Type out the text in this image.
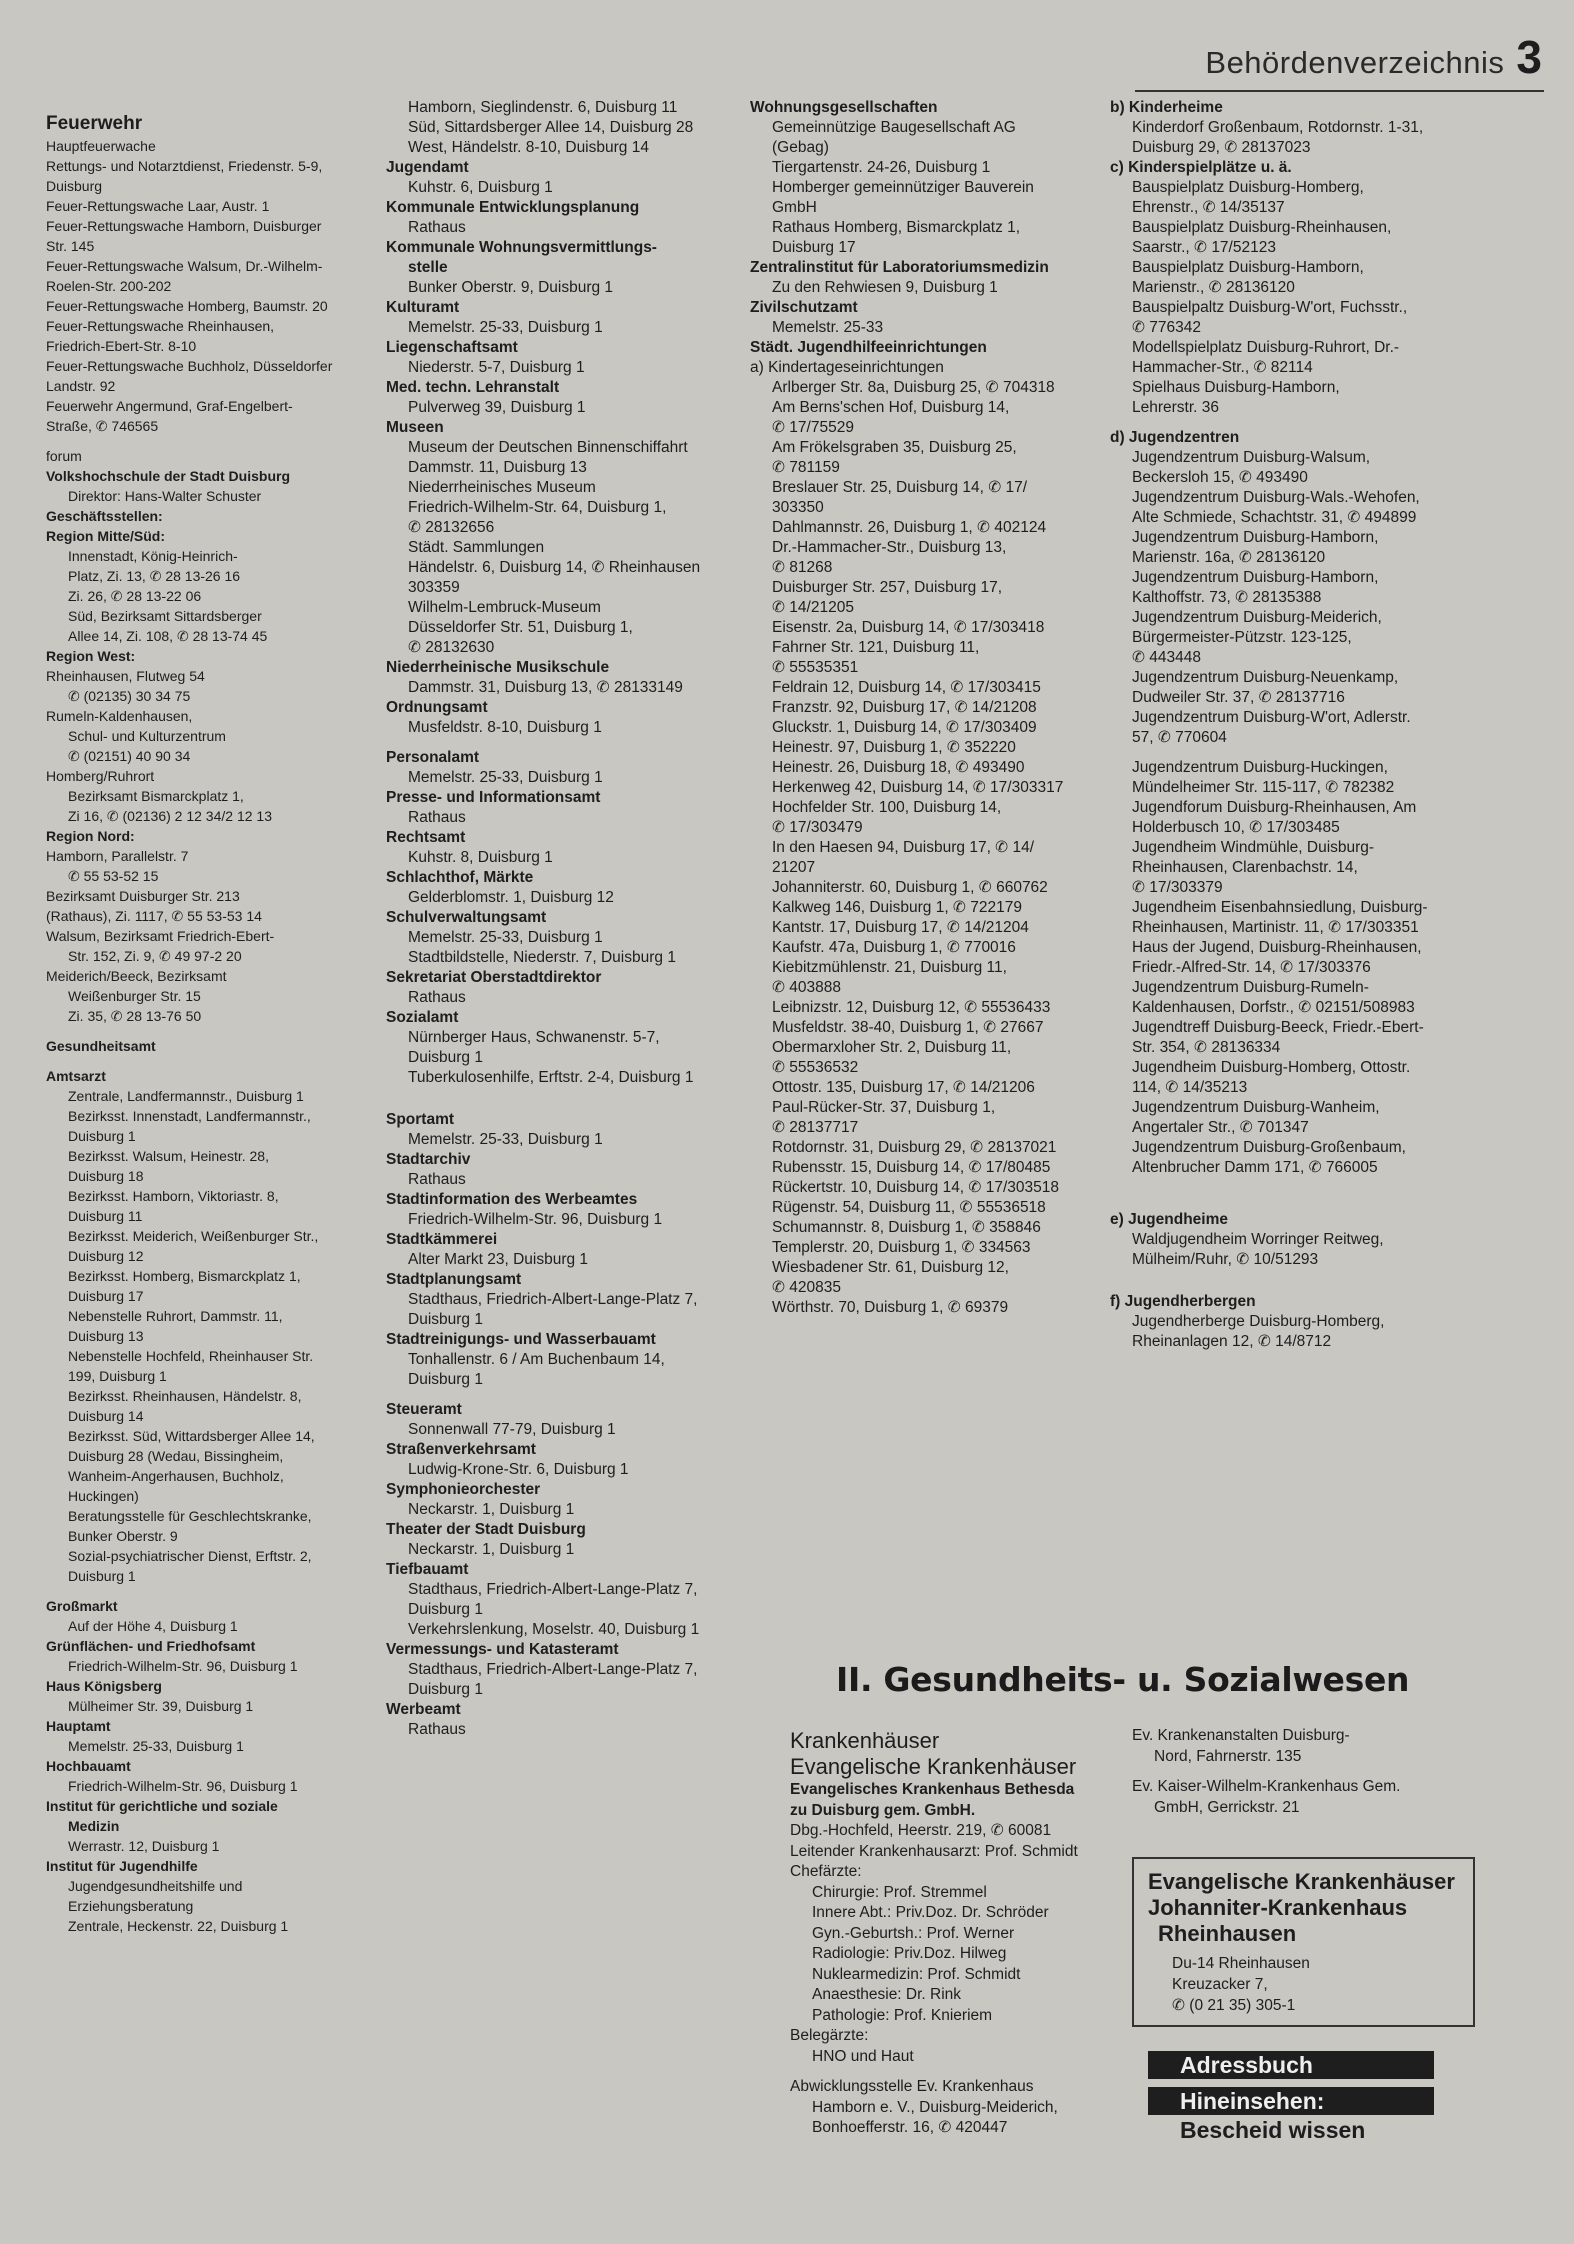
Behördenverzeichnis 3
Feuerwehr
Hauptfeuerwache
Rettungs- und Notarztdienst, Friedenstr. 5-9,
Duisburg
Feuer-Rettungswache Laar, Austr. 1
Feuer-Rettungswache Hamborn, Duisburger
Str. 145
Feuer-Rettungswache Walsum, Dr.-Wilhelm-
Roelen-Str. 200-202
Feuer-Rettungswache Homberg, Baumstr. 20
Feuer-Rettungswache Rheinhausen,
Friedrich-Ebert-Str. 8-10
Feuer-Rettungswache Buchholz, Düsseldorfer
Landstr. 92
Feuerwehr Angermund, Graf-Engelbert-
Straße, ✆ 746565
forum
Volkshochschule der Stadt Duisburg
Direktor: Hans-Walter Schuster
Geschäftsstellen:
Region Mitte/Süd:
Innenstadt, König-Heinrich-
Platz, Zi. 13, ✆ 28 13-26 16
Zi. 26, ✆ 28 13-22 06
Süd, Bezirksamt Sittardsberger
Allee 14, Zi. 108, ✆ 28 13-74 45
Region West:
Rheinhausen, Flutweg 54
✆ (02135) 30 34 75
Rumeln-Kaldenhausen,
Schul- und Kulturzentrum
✆ (02151) 40 90 34
Homberg/Ruhrort
Bezirksamt Bismarckplatz 1,
Zi 16, ✆ (02136) 2 12 34/2 12 13
Region Nord:
Hamborn, Parallelstr. 7
✆ 55 53-52 15
Bezirksamt Duisburger Str. 213
(Rathaus), Zi. 1117, ✆ 55 53-53 14
Walsum, Bezirksamt Friedrich-Ebert-
Str. 152, Zi. 9, ✆ 49 97-2 20
Meiderich/Beeck, Bezirksamt
Weißenburger Str. 15
Zi. 35, ✆ 28 13-76 50
Gesundheitsamt
Amtsarzt
Zentrale, Landfermannstr., Duisburg 1
Bezirksst. Innenstadt, Landfermannstr.,
Duisburg 1
Bezirksst. Walsum, Heinestr. 28,
Duisburg 18
Bezirksst. Hamborn, Viktoriastr. 8,
Duisburg 11
Bezirksst. Meiderich, Weißenburger Str.,
Duisburg 12
Bezirksst. Homberg, Bismarckplatz 1,
Duisburg 17
Nebenstelle Ruhrort, Dammstr. 11,
Duisburg 13
Nebenstelle Hochfeld, Rheinhauser Str.
199, Duisburg 1
Bezirksst. Rheinhausen, Händelstr. 8,
Duisburg 14
Bezirksst. Süd, Wittardsberger Allee 14,
Duisburg 28 (Wedau, Bissingheim,
Wanheim-Angerhausen, Buchholz,
Huckingen)
Beratungsstelle für Geschlechtskranke,
Bunker Oberstr. 9
Sozial-psychiatrischer Dienst, Erftstr. 2,
Duisburg 1
Großmarkt
Auf der Höhe 4, Duisburg 1
Grünflächen- und Friedhofsamt
Friedrich-Wilhelm-Str. 96, Duisburg 1
Haus Königsberg
Mülheimer Str. 39, Duisburg 1
Hauptamt
Memelstr. 25-33, Duisburg 1
Hochbauamt
Friedrich-Wilhelm-Str. 96, Duisburg 1
Institut für gerichtliche und soziale
Medizin
Werrastr. 12, Duisburg 1
Institut für Jugendhilfe
Jugendgesundheitshilfe und
Erziehungsberatung
Zentrale, Heckenstr. 22, Duisburg 1
Hamborn, Sieglindenstr. 6, Duisburg 11
Süd, Sittardsberger Allee 14, Duisburg 28
West, Händelstr. 8-10, Duisburg 14
Jugendamt
Kuhstr. 6, Duisburg 1
Kommunale Entwicklungsplanung
Rathaus
Kommunale Wohnungsvermittlungs-
stelle
Bunker Oberstr. 9, Duisburg 1
Kulturamt
Memelstr. 25-33, Duisburg 1
Liegenschaftsamt
Niederstr. 5-7, Duisburg 1
Med. techn. Lehranstalt
Pulverweg 39, Duisburg 1
Museen
Museum der Deutschen Binnenschiffahrt
Dammstr. 11, Duisburg 13
Niederrheinisches Museum
Friedrich-Wilhelm-Str. 64, Duisburg 1,
✆ 28132656
Städt. Sammlungen
Händelstr. 6, Duisburg 14, ✆ Rheinhausen
303359
Wilhelm-Lembruck-Museum
Düsseldorfer Str. 51, Duisburg 1,
✆ 28132630
Niederrheinische Musikschule
Dammstr. 31, Duisburg 13, ✆ 28133149
Ordnungsamt
Musfeldstr. 8-10, Duisburg 1
Personalamt
Memelstr. 25-33, Duisburg 1
Presse- und Informationsamt
Rathaus
Rechtsamt
Kuhstr. 8, Duisburg 1
Schlachthof, Märkte
Gelderblomstr. 1, Duisburg 12
Schulverwaltungsamt
Memelstr. 25-33, Duisburg 1
Stadtbildstelle, Niederstr. 7, Duisburg 1
Sekretariat Oberstadtdirektor
Rathaus
Sozialamt
Nürnberger Haus, Schwanenstr. 5-7,
Duisburg 1
Tuberkulosenhilfe, Erftstr. 2-4, Duisburg 1
Sportamt
Memelstr. 25-33, Duisburg 1
Stadtarchiv
Rathaus
Stadtinformation des Werbeamtes
Friedrich-Wilhelm-Str. 96, Duisburg 1
Stadtkämmerei
Alter Markt 23, Duisburg 1
Stadtplanungsamt
Stadthaus, Friedrich-Albert-Lange-Platz 7,
Duisburg 1
Stadtreinigungs- und Wasserbauamt
Tonhallenstr. 6 / Am Buchenbaum 14,
Duisburg 1
Steueramt
Sonnenwall 77-79, Duisburg 1
Straßenverkehrsamt
Ludwig-Krone-Str. 6, Duisburg 1
Symphonieorchester
Neckarstr. 1, Duisburg 1
Theater der Stadt Duisburg
Neckarstr. 1, Duisburg 1
Tiefbauamt
Stadthaus, Friedrich-Albert-Lange-Platz 7,
Duisburg 1
Verkehrslenkung, Moselstr. 40, Duisburg 1
Vermessungs- und Katasteramt
Stadthaus, Friedrich-Albert-Lange-Platz 7,
Duisburg 1
Werbeamt
Rathaus
Wohnungsgesellschaften
Gemeinnützige Baugesellschaft AG
(Gebag)
Tiergartenstr. 24-26, Duisburg 1
Homberger gemeinnütziger Bauverein
GmbH
Rathaus Homberg, Bismarckplatz 1,
Duisburg 17
Zentralinstitut für Laboratoriumsmedizin
Zu den Rehwiesen 9, Duisburg 1
Zivilschutzamt
Memelstr. 25-33
Städt. Jugendhilfeeinrichtungen
a) Kindertageseinrichtungen
Arlberger Str. 8a, Duisburg 25, ✆ 704318
Am Berns'schen Hof, Duisburg 14,
✆ 17/75529
Am Frökelsgraben 35, Duisburg 25,
✆ 781159
Breslauer Str. 25, Duisburg 14, ✆ 17/
303350
Dahlmannstr. 26, Duisburg 1, ✆ 402124
Dr.-Hammacher-Str., Duisburg 13,
✆ 81268
Duisburger Str. 257, Duisburg 17,
✆ 14/21205
Eisenstr. 2a, Duisburg 14, ✆ 17/303418
Fahrner Str. 121, Duisburg 11,
✆ 55535351
Feldrain 12, Duisburg 14, ✆ 17/303415
Franzstr. 92, Duisburg 17, ✆ 14/21208
Gluckstr. 1, Duisburg 14, ✆ 17/303409
Heinestr. 97, Duisburg 1, ✆ 352220
Heinestr. 26, Duisburg 18, ✆ 493490
Herkenweg 42, Duisburg 14, ✆ 17/303317
Hochfelder Str. 100, Duisburg 14,
✆ 17/303479
In den Haesen 94, Duisburg 17, ✆ 14/
21207
Johanniterstr. 60, Duisburg 1, ✆ 660762
Kalkweg 146, Duisburg 1, ✆ 722179
Kantstr. 17, Duisburg 17, ✆ 14/21204
Kaufstr. 47a, Duisburg 1, ✆ 770016
Kiebitzmühlenstr. 21, Duisburg 11,
✆ 403888
Leibnizstr. 12, Duisburg 12, ✆ 55536433
Musfeldstr. 38-40, Duisburg 1, ✆ 27667
Obermarxloher Str. 2, Duisburg 11,
✆ 55536532
Ottostr. 135, Duisburg 17, ✆ 14/21206
Paul-Rücker-Str. 37, Duisburg 1,
✆ 28137717
Rotdornstr. 31, Duisburg 29, ✆ 28137021
Rubensstr. 15, Duisburg 14, ✆ 17/80485
Rückertstr. 10, Duisburg 14, ✆ 17/303518
Rügenstr. 54, Duisburg 11, ✆ 55536518
Schumannstr. 8, Duisburg 1, ✆ 358846
Templerstr. 20, Duisburg 1, ✆ 334563
Wiesbadener Str. 61, Duisburg 12,
✆ 420835
Wörthstr. 70, Duisburg 1, ✆ 69379
b) Kinderheime
Kinderdorf Großenbaum, Rotdornstr. 1-31,
Duisburg 29, ✆ 28137023
c) Kinderspielplätze u. ä.
Bauspielplatz Duisburg-Homberg,
Ehrenstr., ✆ 14/35137
Bauspielplatz Duisburg-Rheinhausen,
Saarstr., ✆ 17/52123
Bauspielplatz Duisburg-Hamborn,
Marienstr., ✆ 28136120
Bauspielpaltz Duisburg-W'ort, Fuchsstr.,
✆ 776342
Modellspielplatz Duisburg-Ruhrort, Dr.-
Hammacher-Str., ✆ 82114
Spielhaus Duisburg-Hamborn,
Lehrerstr. 36
d) Jugendzentren
Jugendzentrum Duisburg-Walsum,
Beckersloh 15, ✆ 493490
Jugendzentrum Duisburg-Wals.-Wehofen,
Alte Schmiede, Schachtstr. 31, ✆ 494899
Jugendzentrum Duisburg-Hamborn,
Marienstr. 16a, ✆ 28136120
Jugendzentrum Duisburg-Hamborn,
Kalthoffstr. 73, ✆ 28135388
Jugendzentrum Duisburg-Meiderich,
Bürgermeister-Pützstr. 123-125,
✆ 443448
Jugendzentrum Duisburg-Neuenkamp,
Dudweiler Str. 37, ✆ 28137716
Jugendzentrum Duisburg-W'ort, Adlerstr.
57, ✆ 770604
Jugendzentrum Duisburg-Huckingen,
Mündelheimer Str. 115-117, ✆ 782382
Jugendforum Duisburg-Rheinhausen, Am
Holderbusch 10, ✆ 17/303485
Jugendheim Windmühle, Duisburg-
Rheinhausen, Clarenbachstr. 14,
✆ 17/303379
Jugendheim Eisenbahnsiedlung, Duisburg-
Rheinhausen, Martinistr. 11, ✆ 17/303351
Haus der Jugend, Duisburg-Rheinhausen,
Friedr.-Alfred-Str. 14, ✆ 17/303376
Jugendzentrum Duisburg-Rumeln-
Kaldenhausen, Dorfstr., ✆ 02151/508983
Jugendtreff Duisburg-Beeck, Friedr.-Ebert-
Str. 354, ✆ 28136334
Jugendheim Duisburg-Homberg, Ottostr.
114, ✆ 14/35213
Jugendzentrum Duisburg-Wanheim,
Angertaler Str., ✆ 701347
Jugendzentrum Duisburg-Großenbaum,
Altenbrucher Damm 171, ✆ 766005
e) Jugendheime
Waldjugendheim Worringer Reitweg,
Mülheim/Ruhr, ✆ 10/51293
f) Jugendherbergen
Jugendherberge Duisburg-Homberg,
Rheinanlagen 12, ✆ 14/8712
II. Gesundheits- u. Sozialwesen
Krankenhäuser
Evangelische Krankenhäuser
Evangelisches Krankenhaus Bethesda
zu Duisburg gem. GmbH.
Dbg.-Hochfeld, Heerstr. 219, ✆ 60081
Leitender Krankenhausarzt: Prof. Schmidt
Chefärzte:
Chirurgie: Prof. Stremmel
Innere Abt.: Priv.Doz. Dr. Schröder
Gyn.-Geburtsh.: Prof. Werner
Radiologie: Priv.Doz. Hilweg
Nuklearmedizin: Prof. Schmidt
Anaesthesie: Dr. Rink
Pathologie: Prof. Knieriem
Belegärzte:
HNO und Haut
Abwicklungsstelle Ev. Krankenhaus
Hamborn e. V., Duisburg-Meiderich,
Bonhoefferstr. 16, ✆ 420447
Ev. Krankenanstalten Duisburg-
Nord, Fahrnerstr. 135
Ev. Kaiser-Wilhelm-Krankenhaus Gem.
GmbH, Gerrickstr. 21
Evangelische Krankenhäuser
Johanniter-Krankenhaus
Rheinhausen
Du-14 Rheinhausen
Kreuzacker 7,
✆ (0 21 35) 305-1
Adressbuch
Hineinsehen:
Bescheid wissen
